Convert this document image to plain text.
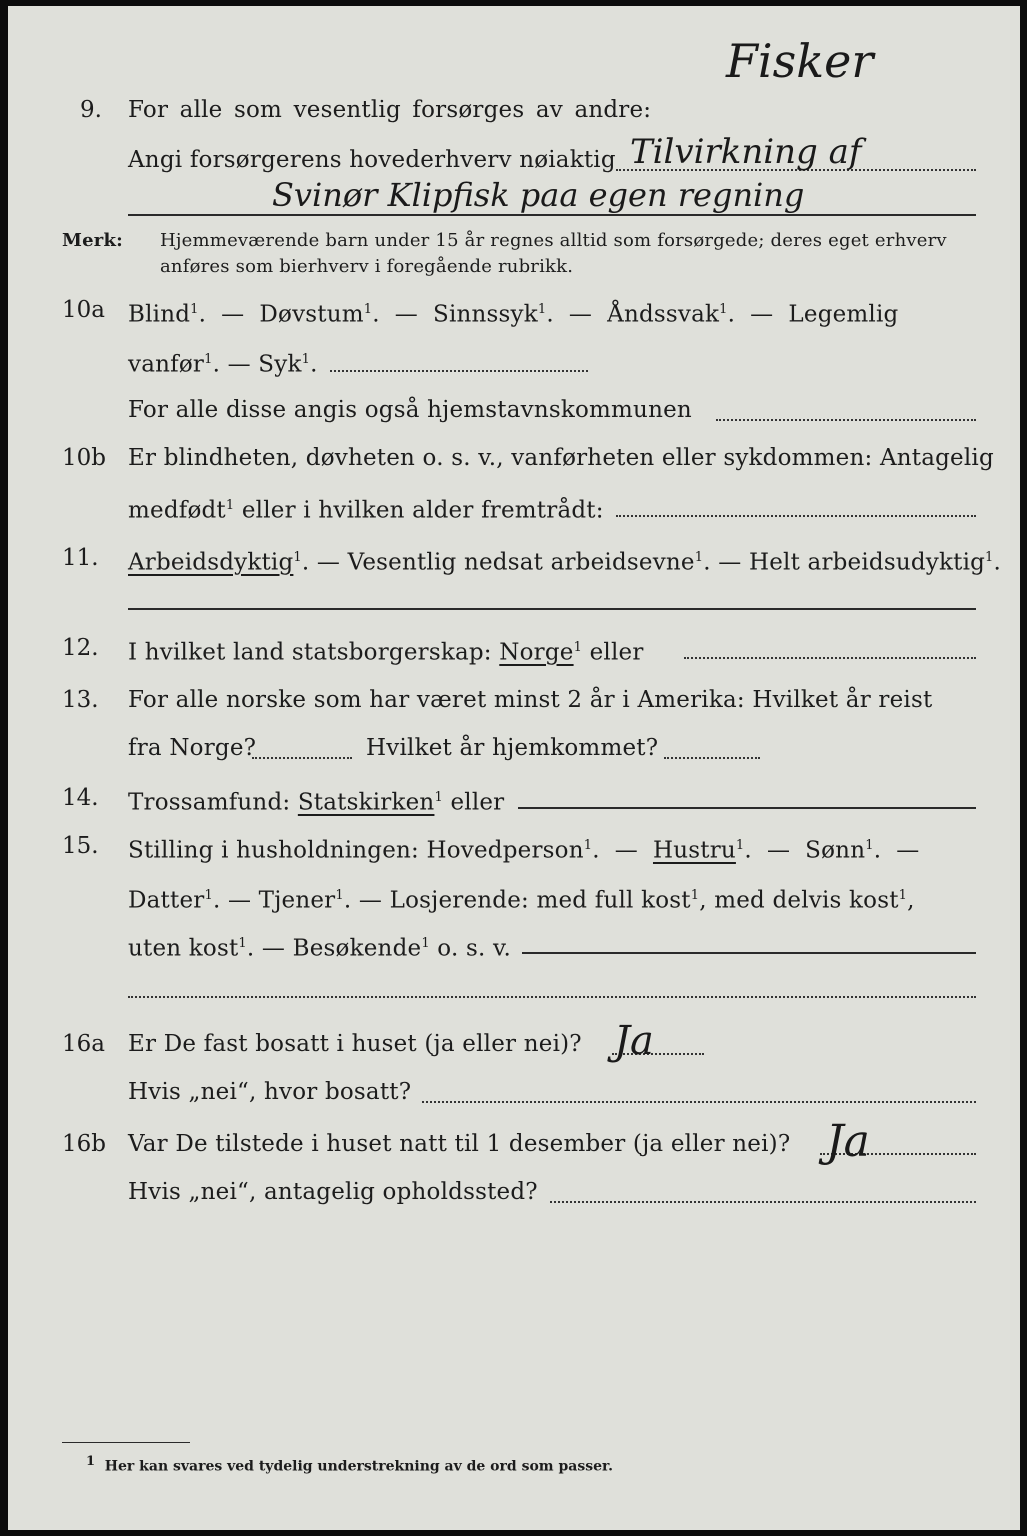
Fisker
9. For alle som vesentlig forsørges av andre:
Angi forsørgerens hovederhverv nøiaktig Tilvirkning af
Svinør Klipfisk paa egen regning
Merk: Hjemmeværende barn under 15 år regnes alltid som forsørgede; deres eget erhverv
anføres som bierhverv i foregående rubrikk.
10a Blind$^1$.  —  Døvstum$^1$.  —  Sinnssyk$^1$.  —  Åndssvak$^1$.  —  Legemlig
vanfør$^1$. — Syk$^1$.
For alle disse angis også hjemstavnskommunen
10b Er blindheten, døvheten o. s. v., vanførheten eller sykdommen: Antagelig
medfødt$^1$ eller i hvilken alder fremtrådt:
11. Arbeidsdyktig$^1$. — Vesentlig nedsat arbeidsevne$^1$. — Helt arbeidsudyktig$^1$.
12. I hvilket land statsborgerskap: Norge$^1$ eller
13. For alle norske som har været minst 2 år i Amerika: Hvilket år reist
fra Norge?	Hvilket år hjemkommet?
14. Trossamfund: Statskirken$^1$ eller
15. Stilling i husholdningen: Hovedperson$^1$.  —  Hustru$^1$.  —  Sønn$^1$.  —
Datter$^1$. — Tjener$^1$. — Losjerende: med full kost$^1$, med delvis kost$^1$,
uten kost$^1$. — Besøkende$^1$ o. s. v.
16a Er De fast bosatt i huset (ja eller nei)? Ja
Hvis „nei“, hvor bosatt?
16b Var De tilstede i huset natt til 1 desember (ja eller nei)? Ja
Hvis „nei“, antagelig opholdssted?
$^1$ Her kan svares ved tydelig understrekning av de ord som passer.
